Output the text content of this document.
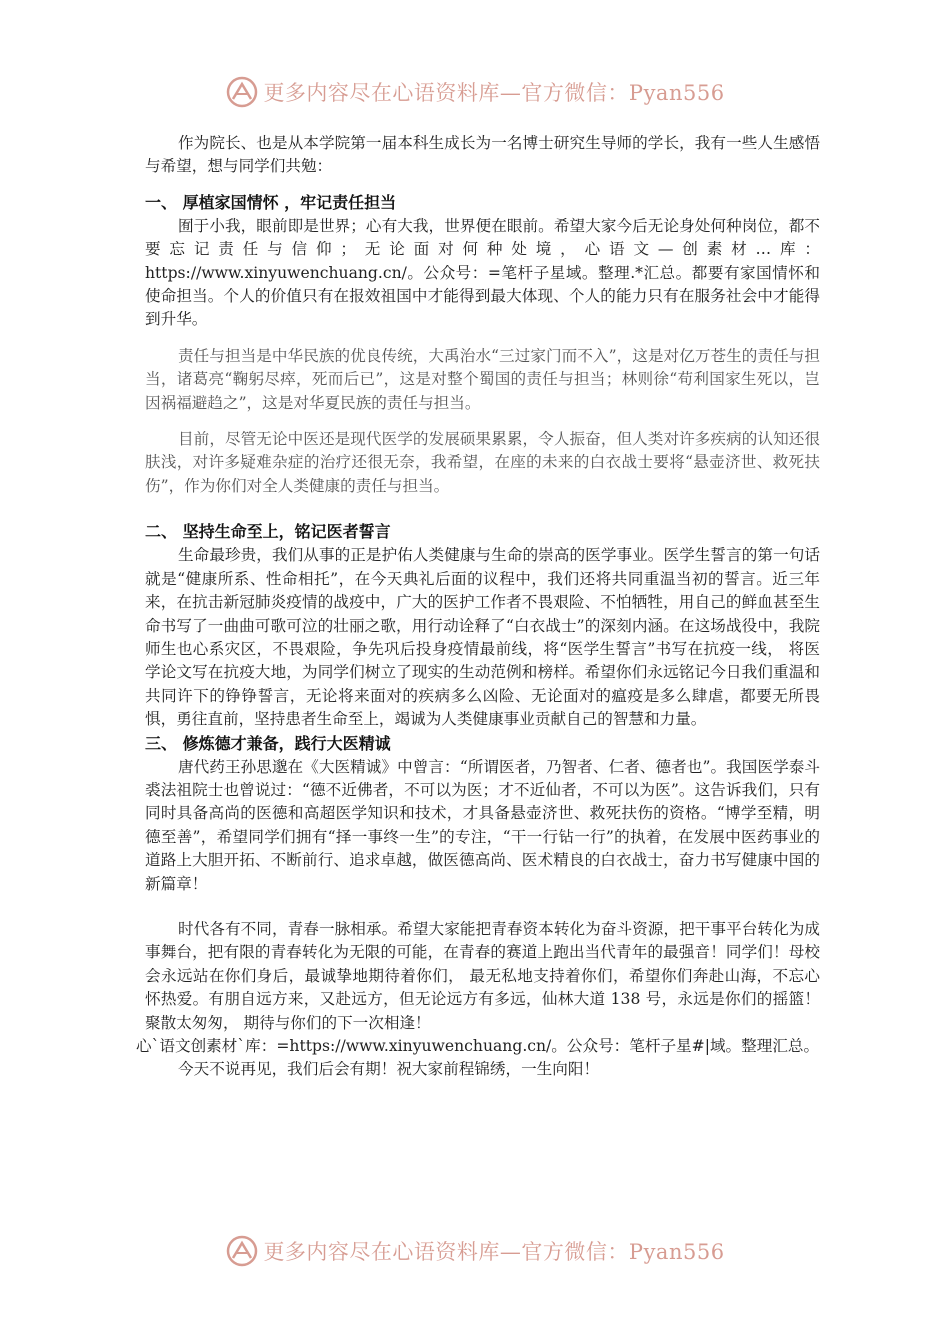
更多内容尽在心语资料库—官方微信：Pyan556

作为院长、也是从本学院第一届本科生成长为一名博士研究生导师的学长，我有一些人生感悟与希望，想与同学们共勉：

一、 厚植家国情怀 ，牢记责任担当

囿于小我，眼前即是世界；心有大我，世界便在眼前。希望大家今后无论身处何种岗位，都不要忘记责任与信仰；无论面对何种处境，心语文—创素材…库：https://www.xinyuwenchuang.cn/。公众号：=笔杆子星域。整理.*汇总。都要有家国情怀和使命担当。个人的价值只有在报效祖国中才能得到最大体现、个人的能力只有在服务社会中才能得到升华。

责任与担当是中华民族的优良传统，大禹治水“三过家门而不入”，这是对亿万苍生的责任与担当，诸葛亮“鞠躬尽瘁，死而后已”，这是对整个蜀国的责任与担当；林则徐“苟利国家生死以，岂因祸福避趋之”，这是对华夏民族的责任与担当。

目前，尽管无论中医还是现代医学的发展硕果累累，令人振奋，但人类对许多疾病的认知还很肤浅，对许多疑难杂症的治疗还很无奈，我希望，在座的未来的白衣战士要将“悬壶济世、救死扶伤”，作为你们对全人类健康的责任与担当。

二、 坚持生命至上，铭记医者誓言

生命最珍贵，我们从事的正是护佑人类健康与生命的崇高的医学事业。医学生誓言的第一句话就是“健康所系、性命相托”，在今天典礼后面的议程中，我们还将共同重温当初的誓言。近三年来，在抗击新冠肺炎疫情的战疫中，广大的医护工作者不畏艰险、不怕牺牲，用自己的鲜血甚至生命书写了一曲曲可歌可泣的壮丽之歌，用行动诠释了“白衣战士”的深刻内涵。在这场战役中，我院师生也心系灾区，不畏艰险，争先巩后投身疫情最前线，将“医学生誓言”书写在抗疫一线， 将医学论文写在抗疫大地，为同学们树立了现实的生动范例和榜样。希望你们永远铭记今日我们重温和共同许下的铮铮誓言，无论将来面对的疾病多么凶险、无论面对的瘟疫是多么肆虐，都要无所畏惧，勇往直前，坚持患者生命至上，竭诚为人类健康事业贡献自己的智慧和力量。

三、 修炼德才兼备，践行大医精诚

唐代药王孙思邈在《大医精诚》中曾言：“所谓医者，乃智者、仁者、德者也”。我国医学泰斗裘法祖院士也曾说过：“德不近佛者，不可以为医；才不近仙者，不可以为医”。这告诉我们，只有同时具备高尚的医德和高超医学知识和技术，才具备悬壶济世、救死扶伤的资格。“博学至精，明德至善”，希望同学们拥有“择一事终一生”的专注，“干一行钻一行”的执着，在发展中医药事业的道路上大胆开拓、不断前行、追求卓越，做医德高尚、医术精良的白衣战士，奋力书写健康中国的新篇章！

时代各有不同，青春一脉相承。希望大家能把青春资本转化为奋斗资源，把干事平台转化为成事舞台，把有限的青春转化为无限的可能，在青春的赛道上跑出当代青年的最强音！同学们！母校会永远站在你们身后，最诚挚地期待着你们， 最无私地支持着你们，希望你们奔赴山海，不忘心怀热爱。有朋自远方来，又赴远方，但无论远方有多远，仙林大道 138 号，永远是你们的摇篮！聚散太匆匆， 期待与你们的下一次相逢！

心`语文创素材`库：=https://www.xinyuwenchuang.cn/。公众号：笔杆子星#|域。整理汇总。

今天不说再见，我们后会有期！祝大家前程锦绣，一生向阳！

更多内容尽在心语资料库—官方微信：Pyan556
